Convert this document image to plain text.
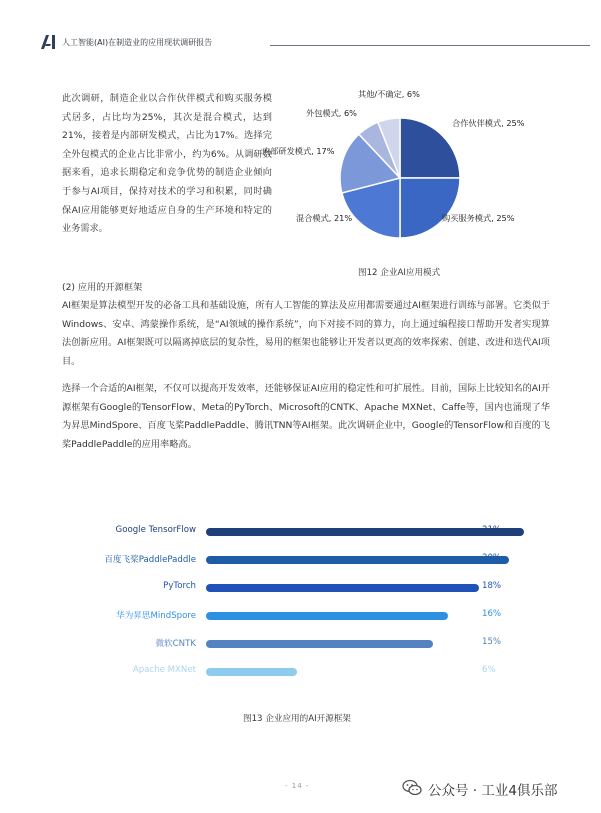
人工智能(AI)在制造业的应用现状调研报告

此次调研，制造企业以合作伙伴模式和购买服务模式居多，占比均为25%，其次是混合模式，达到21%，接着是内部研发模式，占比为17%。选择完全外包模式的企业占比非常小，约为6%。从调研数据来看，追求长期稳定和竞争优势的制造企业倾向于参与AI项目，保持对技术的学习和积累，同时确保AI应用能够更好地适应自身的生产环境和特定的业务需求。

合作伙伴模式, 25%
购买服务模式, 25%
混合模式, 21%
内部研发模式, 17%
外包模式, 6%
其他/不确定, 6%
图12 企业AI应用模式
(2) 应用的开源框架

AI框架是算法模型开发的必备工具和基础设施，所有人工智能的算法及应用都需要通过AI框架进行训练与部署。它类似于Windows、安卓、鸿蒙操作系统，是“AI领域的操作系统”，向下对接不同的算力，向上通过编程接口帮助开发者实现算法创新应用。AI框架既可以隔离掉底层的复杂性，易用的框架也能够让开发者以更高的效率探索、创建、改进和迭代AI项目。

选择一个合适的AI框架，不仅可以提高开发效率，还能够保证AI应用的稳定性和可扩展性。目前，国际上比较知名的AI开源框架有Google的TensorFlow、Meta的PyTorch、Microsoft的CNTK、Apache MXNet、Caffe等，国内也涌现了华为昇思MindSpore、百度飞桨PaddlePaddle、腾讯TNN等AI框架。此次调研企业中，Google的TensorFlow和百度的飞桨PaddlePaddle的应用率略高。

Google TensorFlow	21%
百度飞桨PaddlePaddle	20%
PyTorch	18%
华为昇思MindSpore	16%
微软CNTK	15%
Apache MXNet	6%
图13 企业应用的AI开源框架
- 14 -	公众号 · 工业4俱乐部
